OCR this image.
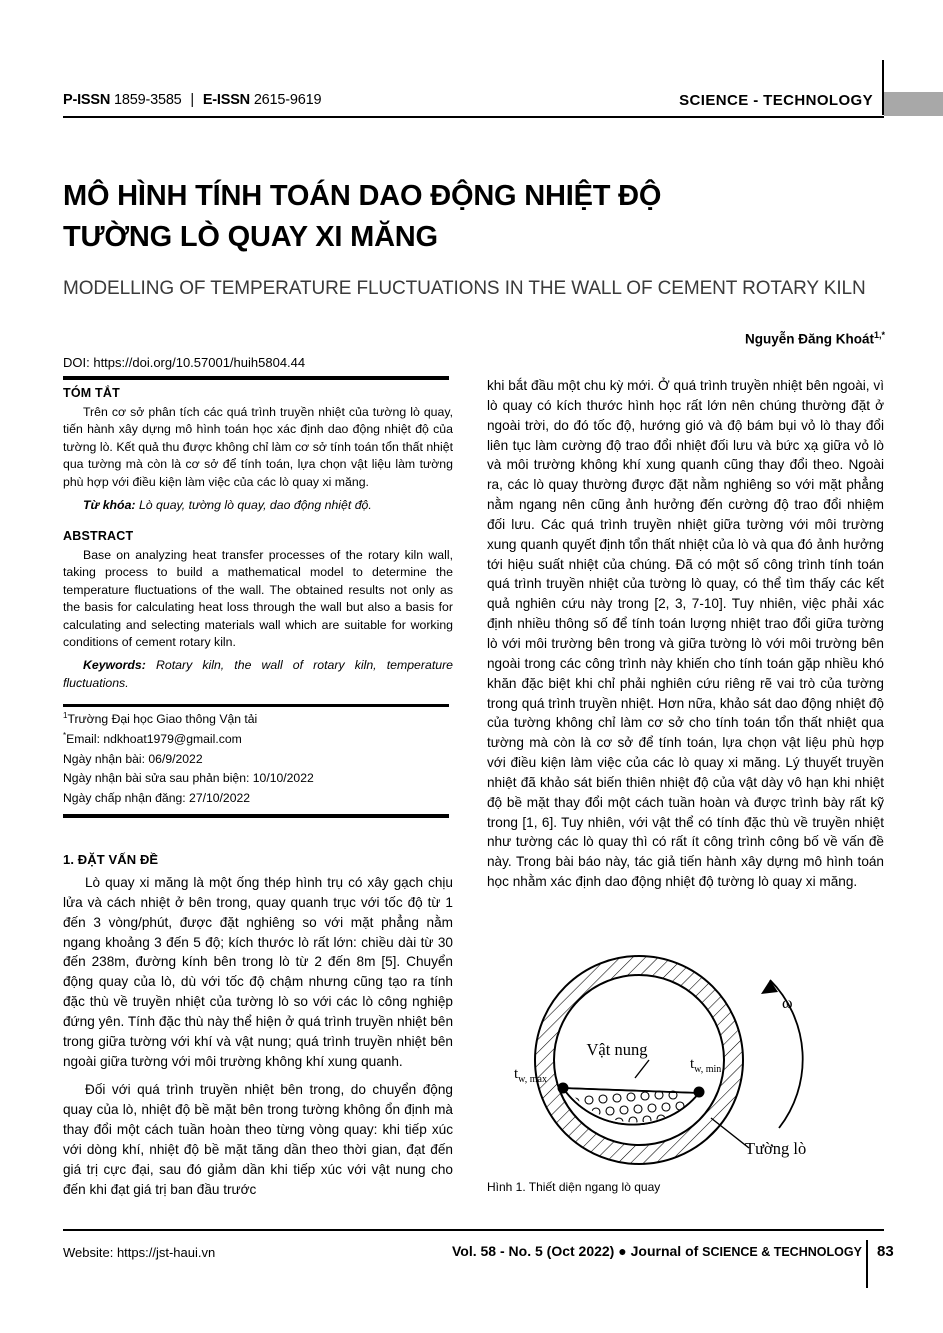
P-ISSN 1859-3585 | E-ISSN 2615-9619	SCIENCE - TECHNOLOGY
MÔ HÌNH TÍNH TOÁN DAO ĐỘNG NHIỆT ĐỘ
TƯỜNG LÒ QUAY XI MĂNG
MODELLING OF TEMPERATURE FLUCTUATIONS IN THE WALL OF CEMENT ROTARY KILN
Nguyễn Đăng Khoát$^{1,*}$
DOI: https://doi.org/10.57001/huih5804.44
TÓM TẮT

Trên cơ sở phân tích các quá trình truyền nhiệt của tường lò quay, tiến hành xây dựng mô hình toán học xác định dao động nhiệt độ của tường lò. Kết quả thu được không chỉ làm cơ sở tính toán tổn thất nhiệt qua tường mà còn là cơ sở để tính toán, lựa chọn vật liệu làm tường phù hợp với điều kiện làm việc của các lò quay xi măng.

Từ khóa: Lò quay, tường lò quay, dao động nhiệt độ.

ABSTRACT

Base on analyzing heat transfer processes of the rotary kiln wall, taking process to build a mathematical model to determine the temperature fluctuations of the wall. The obtained results not only as the basis for calculating heat loss through the wall but also a basis for calculating and selecting materials wall which are suitable for working conditions of cement rotary kiln.

Keywords: Rotary kiln, the wall of rotary kiln, temperature fluctuations.

$^1$Trường Đại học Giao thông Vận tải
*Email: ndkhoat1979@gmail.com
Ngày nhận bài: 06/9/2022
Ngày nhận bài sửa sau phản biện: 10/10/2022
Ngày chấp nhận đăng: 27/10/2022
1. ĐẶT VẤN ĐỀ

Lò quay xi măng là một ống thép hình trụ có xây gạch chịu lửa và cách nhiệt ở bên trong, quay quanh trục với tốc độ từ 1 đến 3 vòng/phút, được đặt nghiêng so với mặt phẳng nằm ngang khoảng 3 đến 5 độ; kích thước lò rất lớn: chiều dài từ 30 đến 238m, đường kính bên trong lò từ 2 đến 8m [5]. Chuyển động quay của lò, dù với tốc độ chậm nhưng cũng tạo ra tính đặc thù về truyền nhiệt của tường lò so với các lò công nghiệp đứng yên. Tính đặc thù này thể hiện ở quá trình truyền nhiệt bên trong giữa tường với khí và vật nung; quá trình truyền nhiệt bên ngoài giữa tường với môi trường không khí xung quanh.

Đối với quá trình truyền nhiệt bên trong, do chuyển động quay của lò, nhiệt độ bề mặt bên trong tường không ổn định mà thay đổi một cách tuần hoàn theo từng vòng quay: khi tiếp xúc với dòng khí, nhiệt độ bề mặt tăng dần theo thời gian, đạt đến giá trị cực đại, sau đó giảm dần khi tiếp xúc với vật nung cho đến khi đạt giá trị ban đầu trước

khi bắt đầu một chu kỳ mới. Ở quá trình truyền nhiệt bên ngoài, vì lò quay có kích thước hình học rất lớn nên chúng thường đặt ở ngoài trời, do đó tốc độ, hướng gió và độ bám bụi vỏ lò thay đổi liên tục làm cường độ trao đổi nhiệt đối lưu và bức xạ giữa vỏ lò và môi trường không khí xung quanh cũng thay đổi theo. Ngoài ra, các lò quay thường được đặt nằm nghiêng so với mặt phẳng nằm ngang nên cũng ảnh hưởng đến cường độ trao đổi nhiệm đối lưu. Các quá trình truyền nhiệt giữa tường với môi trường xung quanh quyết định tổn thất nhiệt của lò và qua đó ảnh hưởng tới hiệu suất nhiệt của chúng. Đã có một số công trình tính toán quá trình truyền nhiệt của tường lò quay, có thể tìm thấy các kết quả nghiên cứu này trong [2, 3, 7-10]. Tuy nhiên, việc phải xác định nhiều thông số để tính toán lượng nhiệt trao đổi giữa tường lò với môi trường bên trong và giữa tường lò với môi trường bên ngoài trong các công trình này khiến cho tính toán gặp nhiều khó khăn đặc biệt khi chỉ phải nghiên cứu riêng rẽ vai trò của tường trong quá trình truyền nhiệt. Hơn nữa, khảo sát dao động nhiệt độ của tường không chỉ làm cơ sở cho tính toán tổn thất nhiệt qua tường mà còn là cơ sở để tính toán, lựa chọn vật liệu phù hợp với điều kiện làm việc của các lò quay xi măng. Lý thuyết truyền nhiệt đã khảo sát biến thiên nhiệt độ của vật dày vô hạn khi nhiệt độ bề mặt thay đổi một cách tuần hoàn và được trình bày rất kỹ trong [1, 6]. Tuy nhiên, với vật thể có tính đặc thù về truyền nhiệt như tường các lò quay thì có rất ít công trình công bố về vấn đề này. Trong bài báo này, tác giả tiến hành xây dựng mô hình toán học nhằm xác định dao động nhiệt độ tường lò quay xi măng.

ω
Vật nung
Tường lò
$t_{w, max}$
$t_{w, min}$
Hình 1. Thiết diện ngang lò quay
Website: https://jst-haui.vn	Vol. 58 - No. 5 (Oct 2022) ● Journal of SCIENCE & TECHNOLOGY 83
